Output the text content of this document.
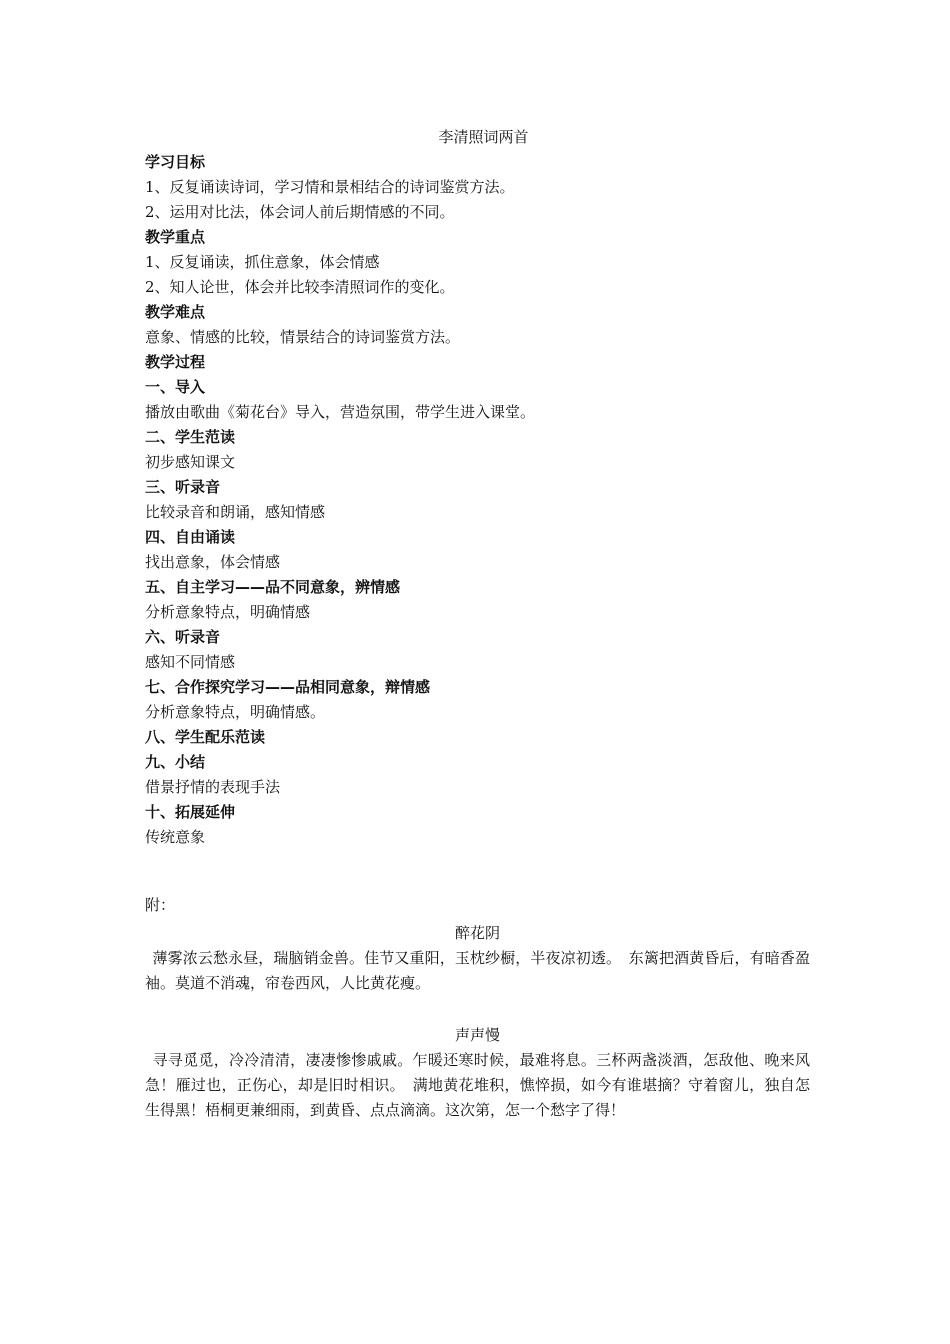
李清照词两首
学习目标
1、反复诵读诗词，学习情和景相结合的诗词鉴赏方法。
2、运用对比法，体会词人前后期情感的不同。
教学重点
1、反复诵读，抓住意象，体会情感
2、知人论世，体会并比较李清照词作的变化。
教学难点
意象、情感的比较，情景结合的诗词鉴赏方法。
教学过程
一、导入
播放由歌曲《菊花台》导入，营造氛围，带学生进入课堂。
二、学生范读
初步感知课文
三、听录音
比较录音和朗诵，感知情感
四、自由诵读
找出意象，体会情感
五、自主学习——品不同意象，辨情感
分析意象特点，明确情感
六、听录音
感知不同情感
七、合作探究学习——品相同意象，辩情感
分析意象特点，明确情感。
八、学生配乐范读
九、小结
借景抒情的表现手法
十、拓展延伸
传统意象
附：
醉花阴
薄雾浓云愁永昼，瑞脑销金兽。佳节又重阳，玉枕纱橱，半夜凉初透。　东篱把酒黄昏后，有暗香盈袖。莫道不消魂，帘卷西风，人比黄花瘦。
声声慢
寻寻觅觅，冷冷清清，凄凄惨惨戚戚。乍暖还寒时候，最难将息。三杯两盏淡酒，怎敌他、晚来风急！雁过也，正伤心，却是旧时相识。　满地黄花堆积，憔悴损，如今有谁堪摘？守着窗儿，独自怎生得黑！梧桐更兼细雨，到黄昏、点点滴滴。这次第，怎一个愁字了得！
